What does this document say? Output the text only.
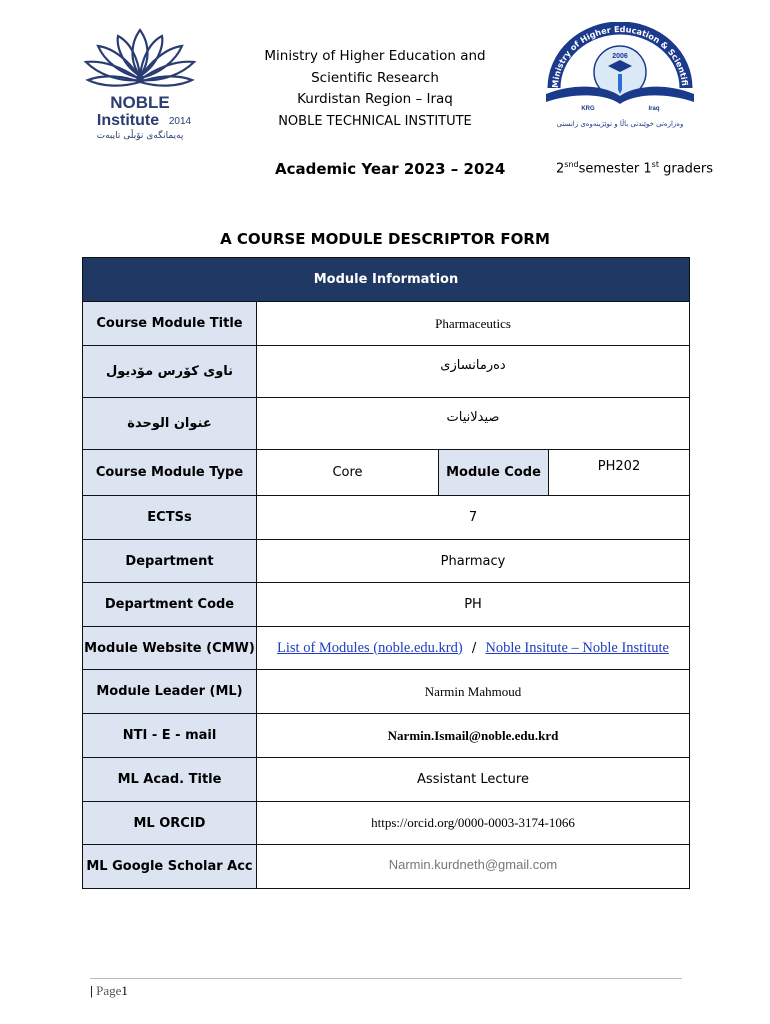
NOBLE
Institute 2014
پەیمانگەی نۆبڵی تایبەت
Ministry of Higher Education & Scientifi
2006
KRG	Iraq
وەزارەتی خوێندنی باڵا و توێژینەوەی زانستی
Ministry of Higher Education and
Scientific Research
Kurdistan Region – Iraq
NOBLE TECHNICAL INSTITUTE
Academic Year 2023 – 2024	$2^{snd}semester$ 1st graders
A COURSE MODULE DESCRIPTOR FORM
Module Information			
Course Module Title	Pharmaceutics		
ناوی کۆرس مۆدیول	دەرمانسازی		
عنوان الوحدة	صيدلانيات		
Course Module Type	Core	Module Code	PH202
ECTSs	7		
Department	Pharmacy		
Department Code	PH		
Module Website (CMW)	List of Modules (noble.edu.krd) / Noble Insitute – Noble Institute		
Module Leader (ML)	Narmin Mahmoud		
NTI - E - mail	Narmin.Ismail@noble.edu.krd		
ML Acad. Title	Assistant Lecture		
ML ORCID	https://orcid.org/0000-0003-3174-1066		
ML Google Scholar Acc	Narmin.kurdneth@gmail.com		
| Page1
